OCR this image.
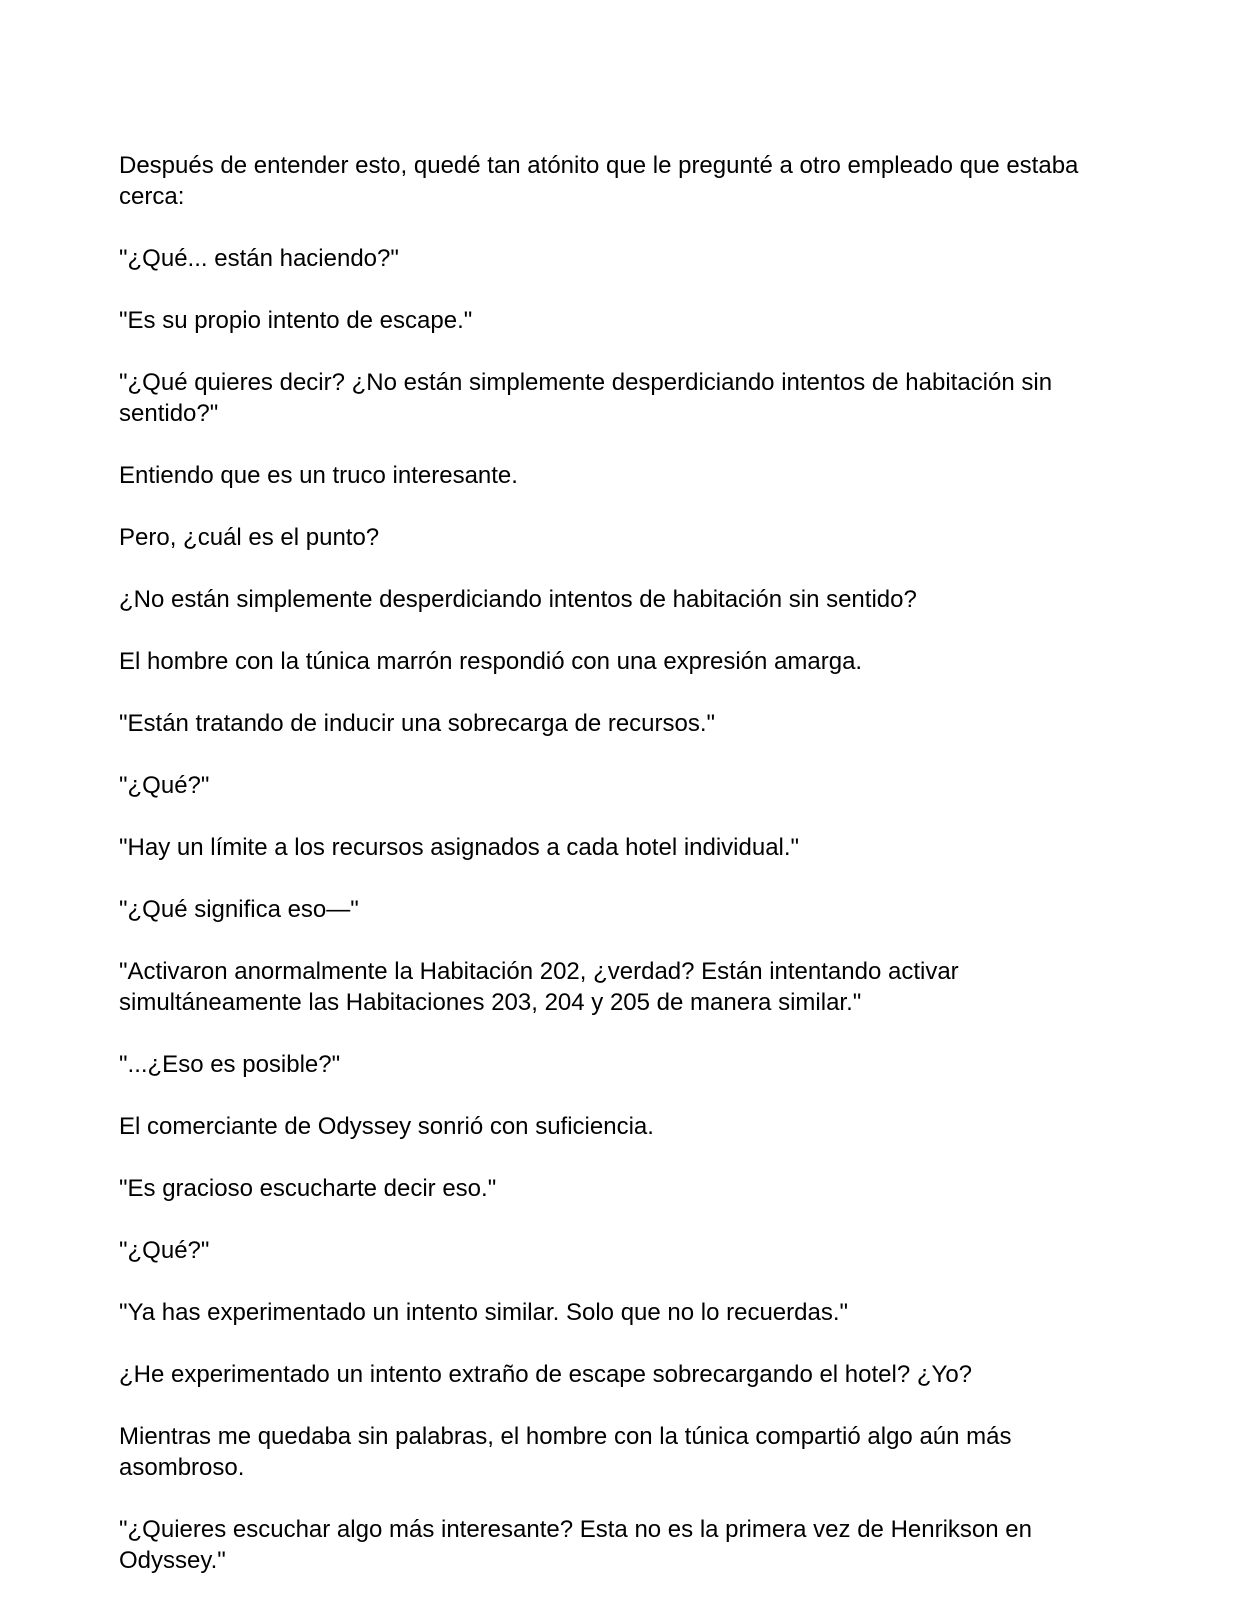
Después de entender esto, quedé tan atónito que le pregunté a otro empleado que estaba cerca:

"¿Qué... están haciendo?"

"Es su propio intento de escape."

"¿Qué quieres decir? ¿No están simplemente desperdiciando intentos de habitación sin sentido?"

Entiendo que es un truco interesante.

Pero, ¿cuál es el punto?

¿No están simplemente desperdiciando intentos de habitación sin sentido?

El hombre con la túnica marrón respondió con una expresión amarga.

"Están tratando de inducir una sobrecarga de recursos."

"¿Qué?"

"Hay un límite a los recursos asignados a cada hotel individual."

"¿Qué significa eso—"

"Activaron anormalmente la Habitación 202, ¿verdad? Están intentando activar simultáneamente las Habitaciones 203, 204 y 205 de manera similar."

"...¿Eso es posible?"

El comerciante de Odyssey sonrió con suficiencia.

"Es gracioso escucharte decir eso."

"¿Qué?"

"Ya has experimentado un intento similar. Solo que no lo recuerdas."

¿He experimentado un intento extraño de escape sobrecargando el hotel? ¿Yo?

Mientras me quedaba sin palabras, el hombre con la túnica compartió algo aún más asombroso.

"¿Quieres escuchar algo más interesante? Esta no es la primera vez de Henrikson en Odyssey."
